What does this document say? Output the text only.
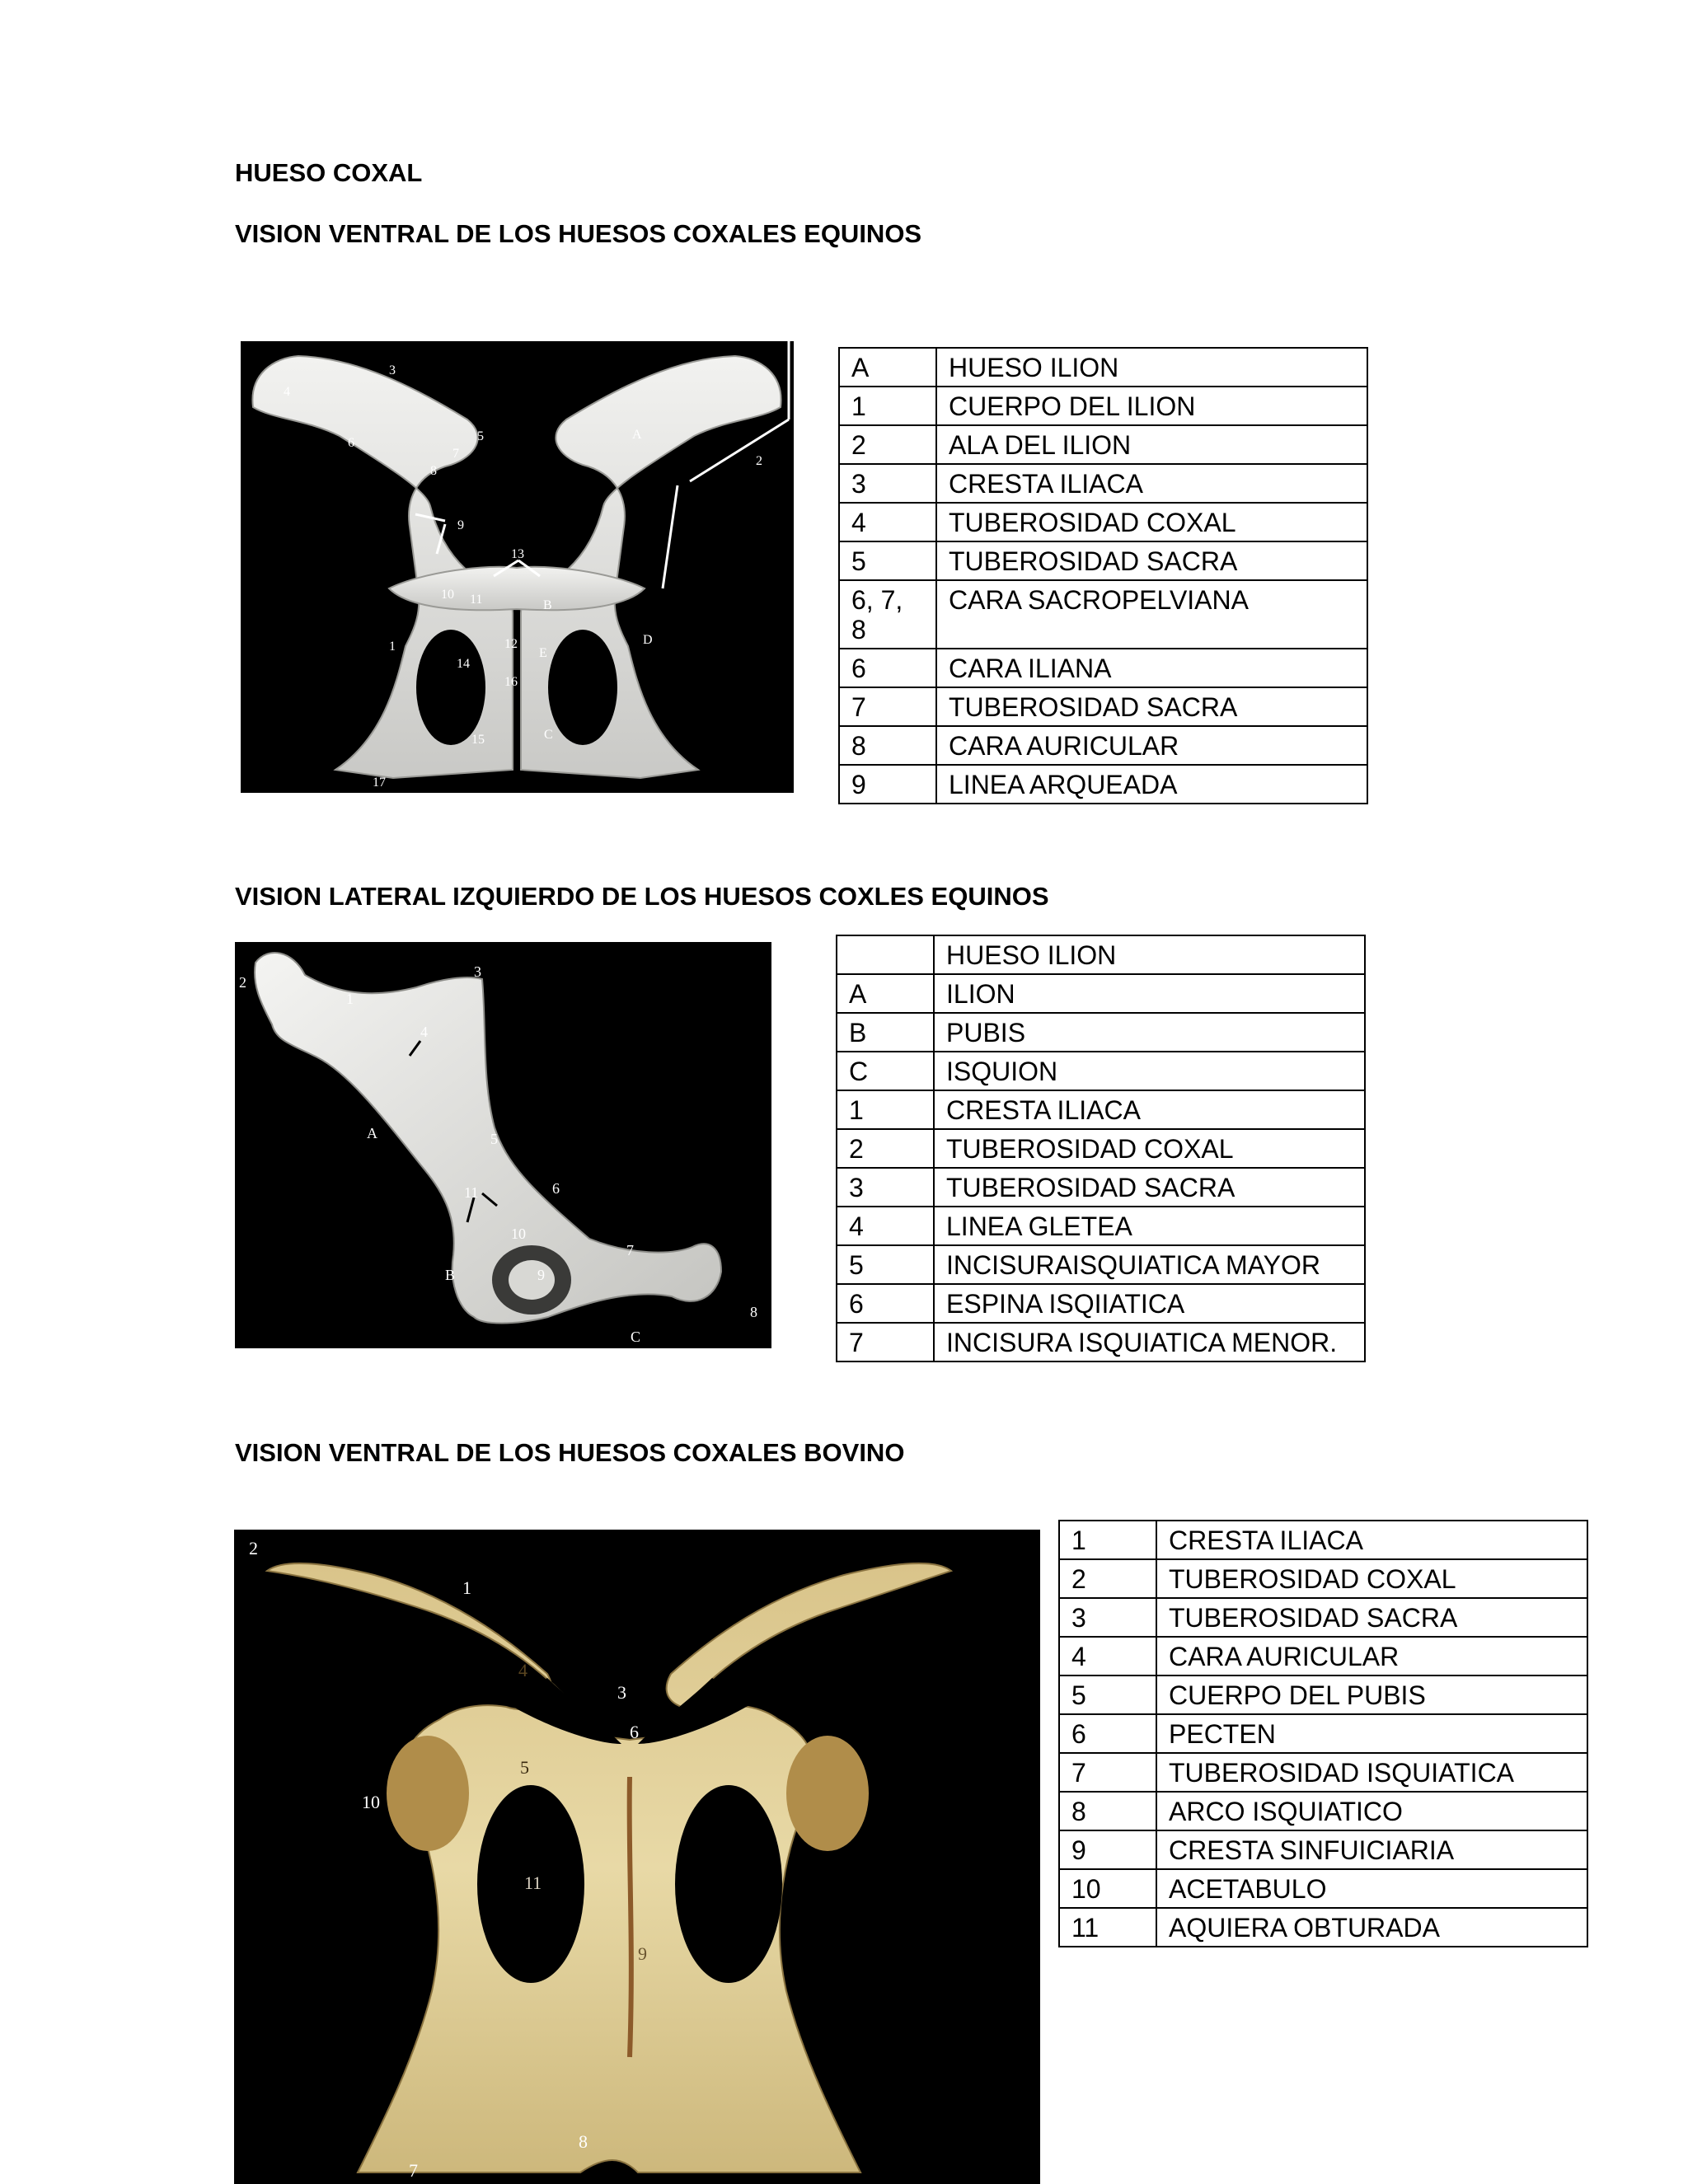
HUESO COXAL
VISION VENTRAL DE LOS HUESOS COXALES EQUINOS
VISION LATERAL IZQUIERDO DE LOS HUESOS COXLES EQUINOS
VISION VENTRAL DE LOS HUESOS COXALES BOVINO
1
2
3
4
5
6
7
8
9
10 11
12
13
14
15
16
17
A
B
C
D
E
A	HUESO ILION
1	CUERPO DEL ILION
2	ALA DEL ILION
3	CRESTA ILIACA
4	TUBEROSIDAD COXAL
5	TUBEROSIDAD SACRA
6, 7, 8	CARA SACROPELVIANA
6	CARA ILIANA
7	TUBEROSIDAD SACRA
8	CARA AURICULAR
9	LINEA ARQUEADA
1
2
3
4
5
6
7
8
9
10
11
A
B
C
	HUESO ILION
A	ILION
B	PUBIS
C	ISQUION
1	CRESTA ILIACA
2	TUBEROSIDAD COXAL
3	TUBEROSIDAD SACRA
4	LINEA GLETEA
5	INCISURAISQUIATICA MAYOR
6	ESPINA ISQIIATICA
7	INCISURA ISQUIATICA MENOR.
1
2
3
4
5
6
7
8
9
10
11
1	CRESTA ILIACA
2	TUBEROSIDAD COXAL
3	TUBEROSIDAD SACRA
4	CARA AURICULAR
5	CUERPO DEL PUBIS
6	PECTEN
7	TUBEROSIDAD ISQUIATICA
8	ARCO ISQUIATICO
9	CRESTA SINFUICIARIA
10	ACETABULO
11	AQUIERA OBTURADA
